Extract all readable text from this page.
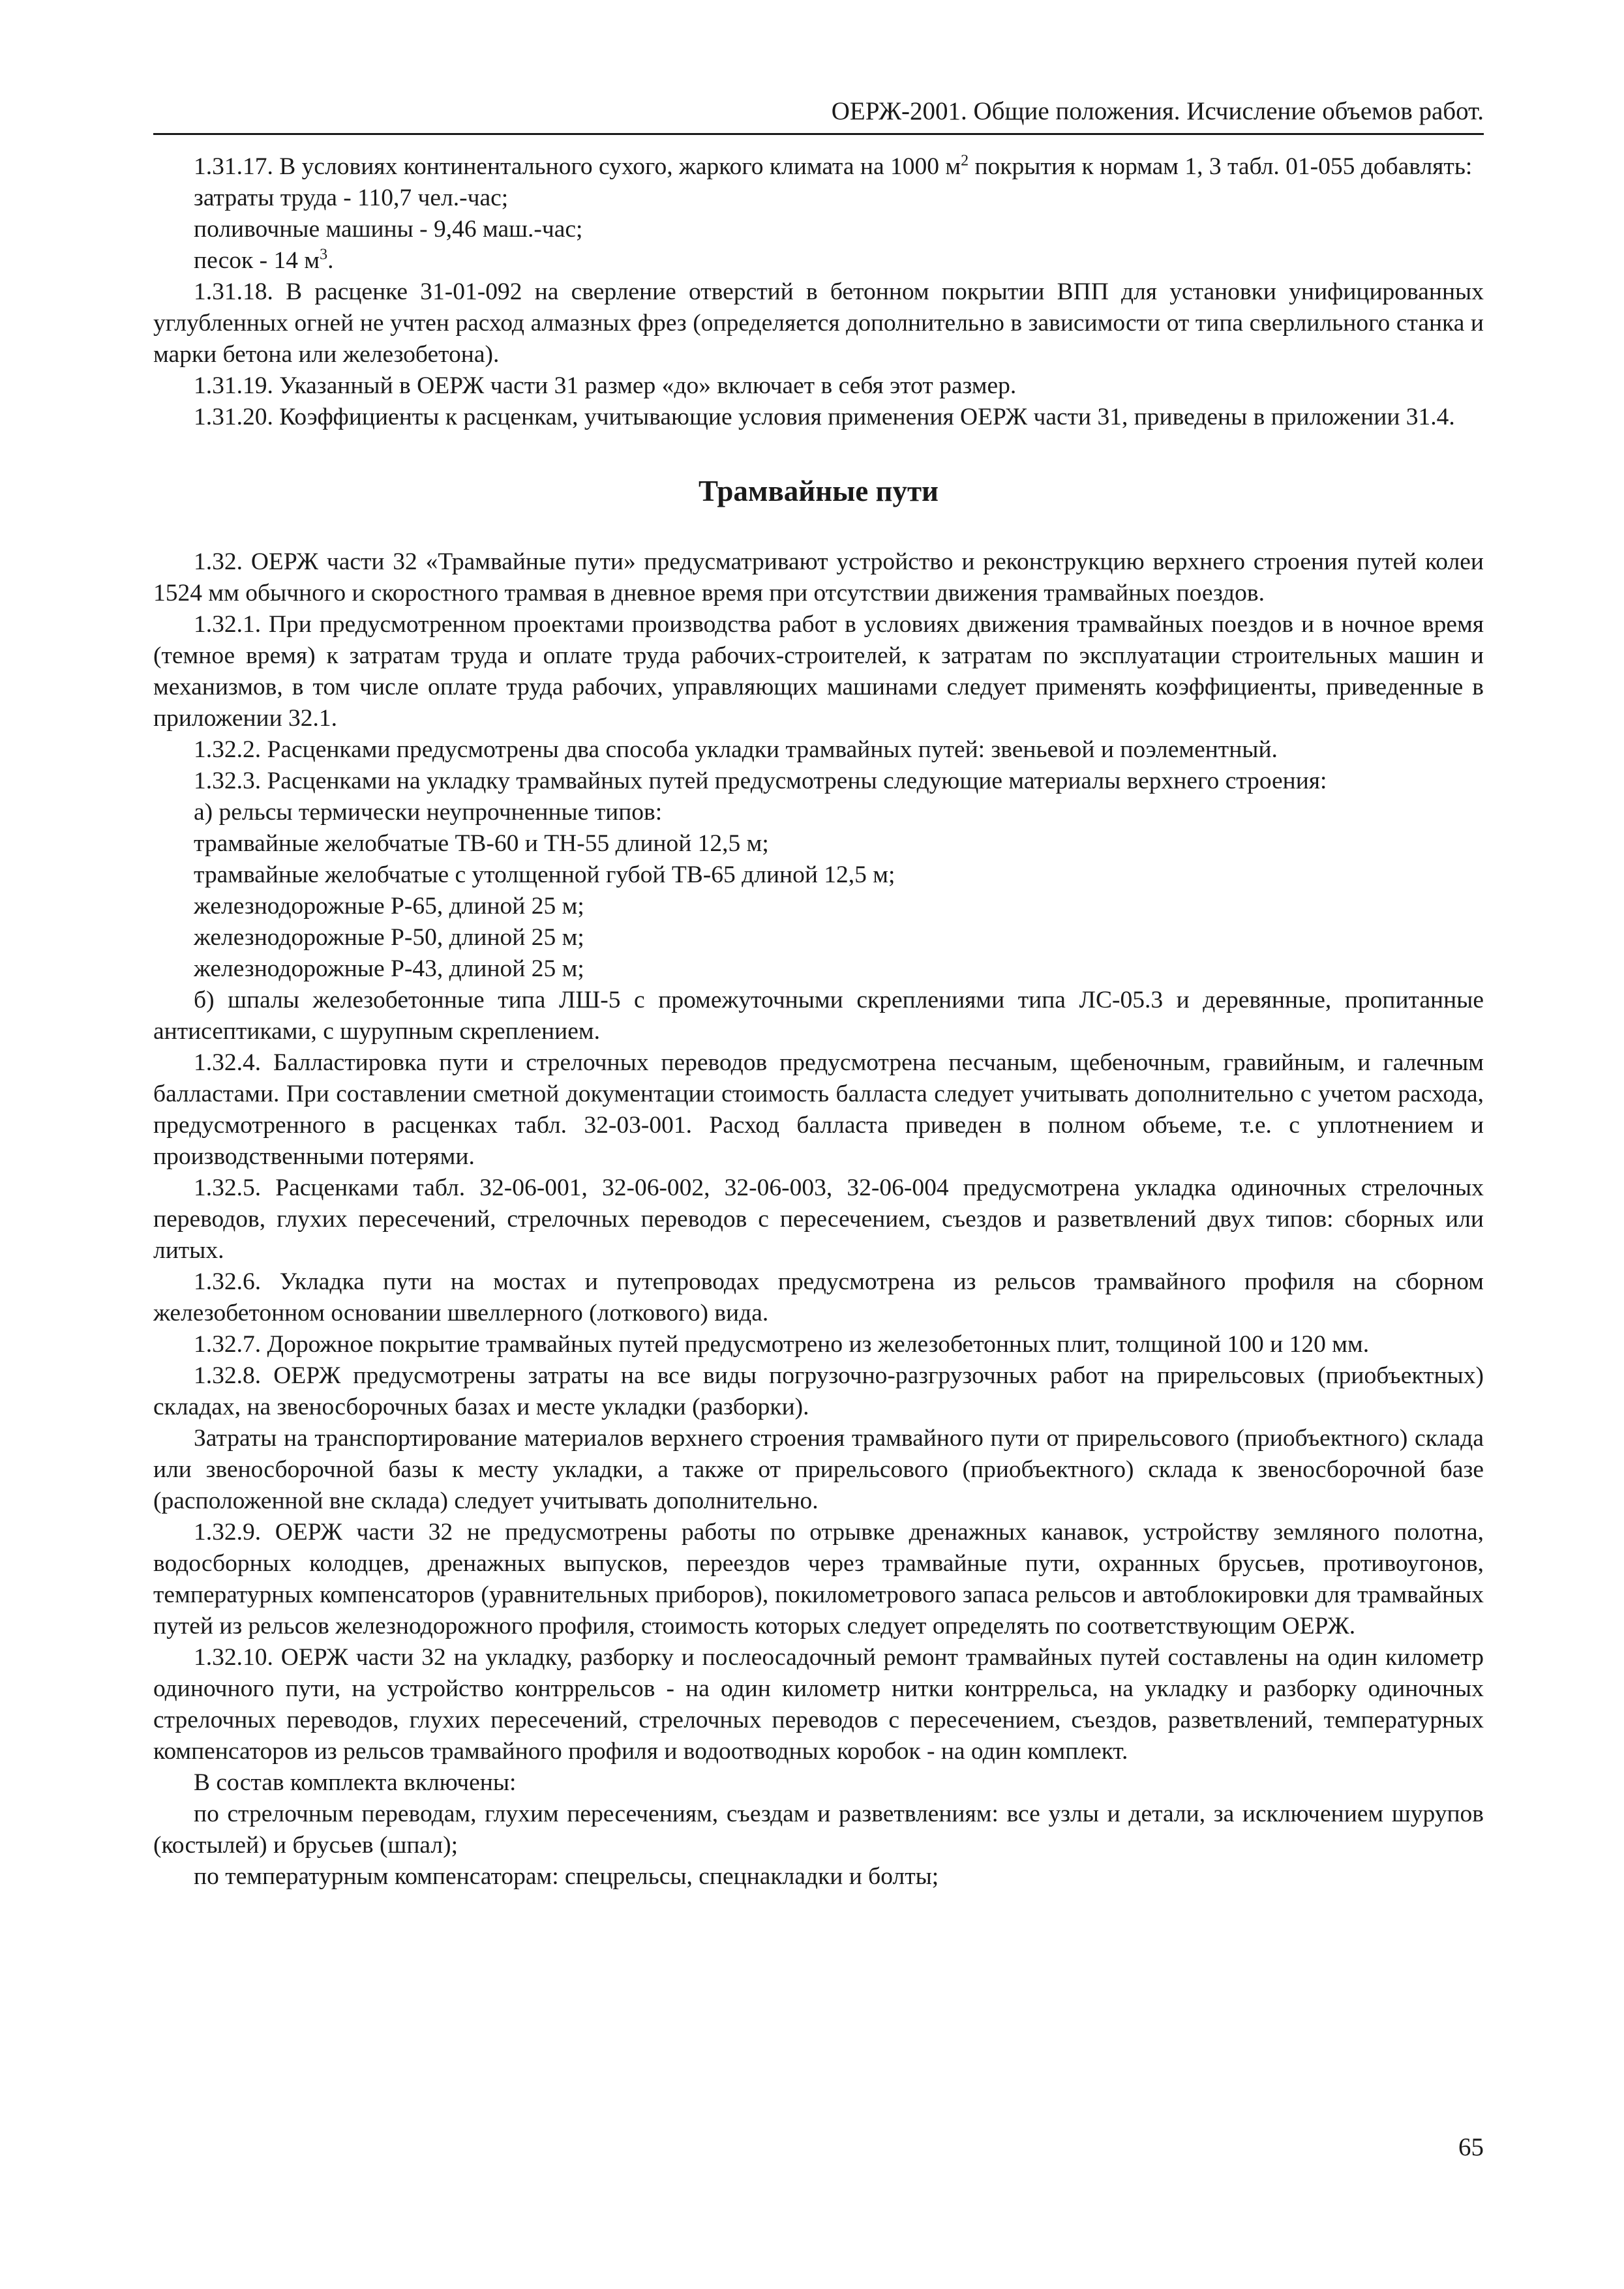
ОЕРЖ-2001. Общие положения. Исчисление объемов работ.

1.31.17. В условиях континентального сухого, жаркого климата на 1000 $м^2$ покрытия к нормам 1, 3 табл. 01-055 добавлять:

затраты труда - 110,7 чел.-час;

поливочные машины - 9,46 маш.-час;

песок - 14 $м^3$.

1.31.18. В расценке 31-01-092 на сверление отверстий в бетонном покрытии ВПП для установки унифицированных углубленных огней не учтен расход алмазных фрез (определяется дополнительно в зависимости от типа сверлильного станка и марки бетона или железобетона).

1.31.19. Указанный в ОЕРЖ части 31 размер «до» включает в себя этот размер.

1.31.20. Коэффициенты к расценкам, учитывающие условия применения ОЕРЖ части 31, приведены в приложении 31.4.

Трамвайные пути

1.32. ОЕРЖ части 32 «Трамвайные пути» предусматривают устройство и реконструкцию верхнего строения путей колеи 1524 мм обычного и скоростного трамвая в дневное время при отсутствии движения трамвайных поездов.

1.32.1. При предусмотренном проектами производства работ в условиях движения трамвайных поездов и в ночное время (темное время) к затратам труда и оплате труда рабочих-строителей, к затратам по эксплуатации строительных машин и механизмов, в том числе оплате труда рабочих, управляющих машинами следует применять коэффициенты, приведенные в приложении 32.1.

1.32.2. Расценками предусмотрены два способа укладки трамвайных путей: звеньевой и поэлементный.

1.32.3. Расценками на укладку трамвайных путей предусмотрены следующие материалы верхнего строения:

а) рельсы термически неупрочненные типов:

трамвайные желобчатые ТВ-60 и ТН-55 длиной 12,5 м;

трамвайные желобчатые с утолщенной губой ТВ-65 длиной 12,5 м;

железнодорожные Р-65, длиной 25 м;

железнодорожные Р-50, длиной 25 м;

железнодорожные Р-43, длиной 25 м;

б) шпалы железобетонные типа ЛШ-5 с промежуточными скреплениями типа ЛС-05.3 и деревянные, пропитанные антисептиками, с шурупным скреплением.

1.32.4. Балластировка пути и стрелочных переводов предусмотрена песчаным, щебеночным, гравийным, и галечным балластами. При составлении сметной документации стоимость балласта следует учитывать дополнительно с учетом расхода, предусмотренного в расценках табл. 32-03-001. Расход балласта приведен в полном объеме, т.е. с уплотнением и производственными потерями.

1.32.5. Расценками табл. 32-06-001, 32-06-002, 32-06-003, 32-06-004 предусмотрена укладка одиночных стрелочных переводов, глухих пересечений, стрелочных переводов с пересечением, съездов и разветвлений двух типов: сборных или литых.

1.32.6. Укладка пути на мостах и путепроводах предусмотрена из рельсов трамвайного профиля на сборном железобетонном основании швеллерного (лоткового) вида.

1.32.7. Дорожное покрытие трамвайных путей предусмотрено из железобетонных плит, толщиной 100 и 120 мм.

1.32.8. ОЕРЖ предусмотрены затраты на все виды погрузочно-разгрузочных работ на прирельсовых (приобъектных) складах, на звеносборочных базах и месте укладки (разборки).

Затраты на транспортирование материалов верхнего строения трамвайного пути от прирельсового (приобъектного) склада или звеносборочной базы к месту укладки, а также от прирельсового (приобъектного) склада к звеносборочной базе (расположенной вне склада) следует учитывать дополнительно.

1.32.9. ОЕРЖ части 32 не предусмотрены работы по отрывке дренажных канавок, устройству земляного полотна, водосборных колодцев, дренажных выпусков, переездов через трамвайные пути, охранных брусьев, противоугонов, температурных компенсаторов (уравнительных приборов), покилометрового запаса рельсов и автоблокировки для трамвайных путей из рельсов железнодорожного профиля, стоимость которых следует определять по соответствующим ОЕРЖ.

1.32.10. ОЕРЖ части 32 на укладку, разборку и послеосадочный ремонт трамвайных путей составлены на один километр одиночного пути, на устройство контррельсов - на один километр нитки контррельса, на укладку и разборку одиночных стрелочных переводов, глухих пересечений, стрелочных переводов с пересечением, съездов, разветвлений, температурных компенсаторов из рельсов трамвайного профиля и водоотводных коробок - на один комплект.

В состав комплекта включены:

по стрелочным переводам, глухим пересечениям, съездам и разветвлениям: все узлы и детали, за исключением шурупов (костылей) и брусьев (шпал);

по температурным компенсаторам: спецрельсы, спецнакладки и болты;

65
